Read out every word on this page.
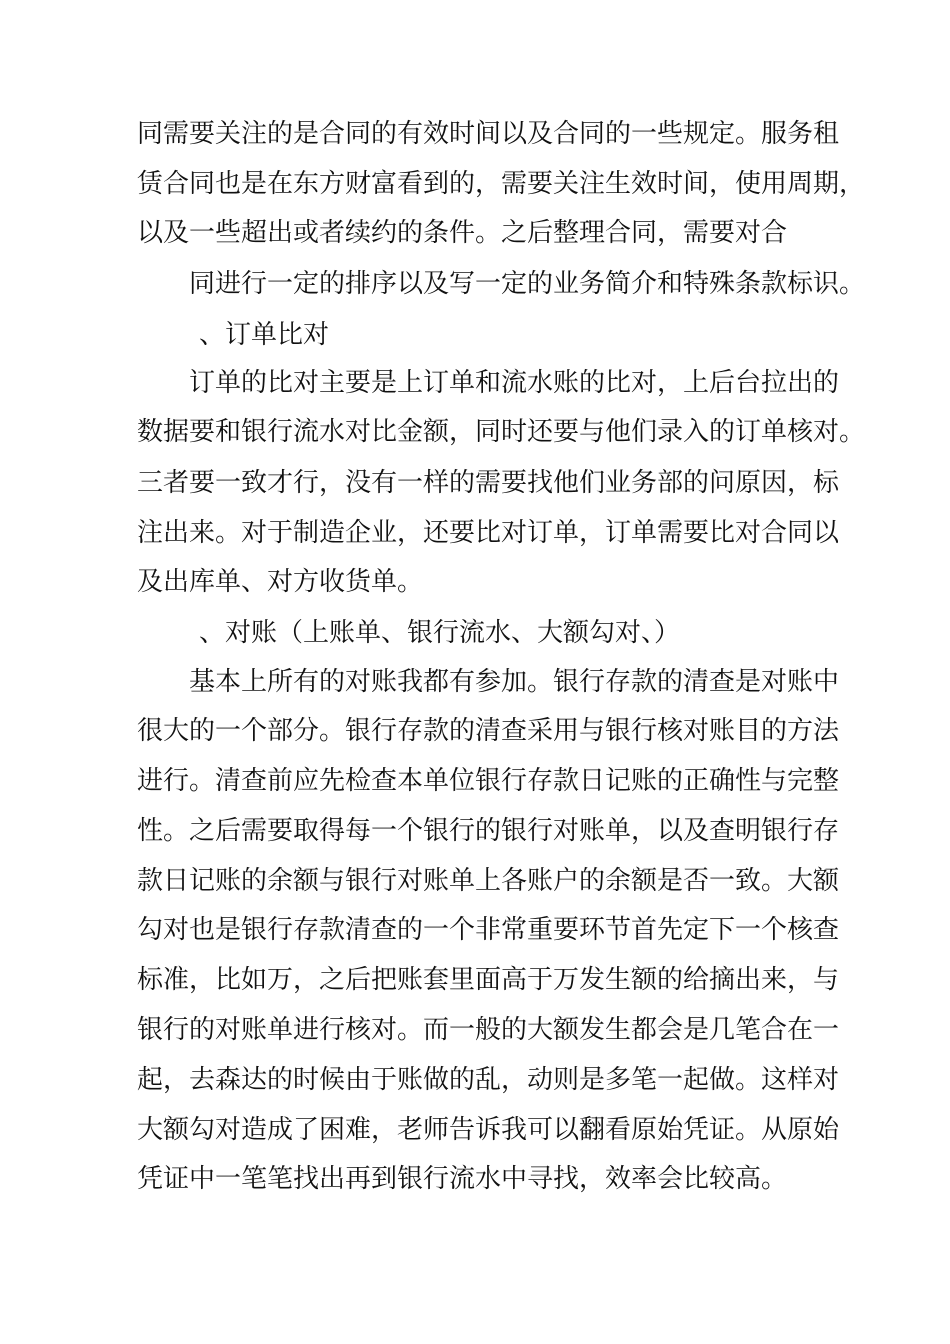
同需要关注的是合同的有效时间以及合同的一些规定。服务租

赁合同也是在东方财富看到的，需要关注生效时间，使用周期，

以及一些超出或者续约的条件。之后整理合同，需要对合

同进行一定的排序以及写一定的业务简介和特殊条款标识。

、订单比对

订单的比对主要是上订单和流水账的比对，上后台拉出的

数据要和银行流水对比金额，同时还要与他们录入的订单核对。

三者要一致才行，没有一样的需要找他们业务部的问原因，标

注出来。对于制造企业，还要比对订单，订单需要比对合同以

及出库单、对方收货单。

、对账（上账单、银行流水、大额勾对、）

基本上所有的对账我都有参加。银行存款的清查是对账中

很大的一个部分。银行存款的清查采用与银行核对账目的方法

进行。清查前应先检查本单位银行存款日记账的正确性与完整

性。之后需要取得每一个银行的银行对账单，以及查明银行存

款日记账的余额与银行对账单上各账户的余额是否一致。大额

勾对也是银行存款清查的一个非常重要环节首先定下一个核查

标准，比如万，之后把账套里面高于万发生额的给摘出来，与

银行的对账单进行核对。而一般的大额发生都会是几笔合在一

起，去森达的时候由于账做的乱，动则是多笔一起做。这样对

大额勾对造成了困难，老师告诉我可以翻看原始凭证。从原始

凭证中一笔笔找出再到银行流水中寻找，效率会比较高。
